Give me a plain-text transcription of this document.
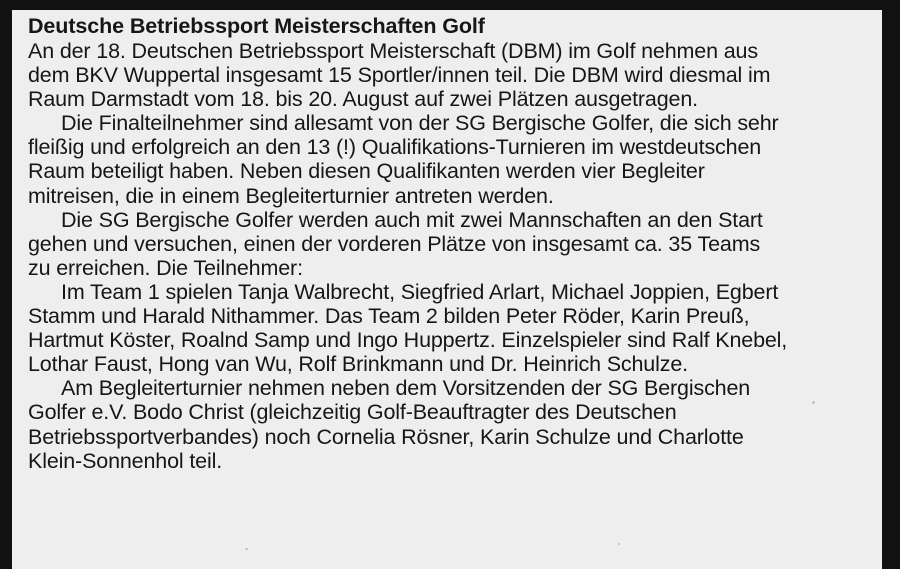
Deutsche Betriebssport Meisterschaften Golf
An der 18. Deutschen Betriebssport Meisterschaft (DBM) im Golf nehmen aus
dem BKV Wuppertal insgesamt 15 Sportler/innen teil. Die DBM wird diesmal im
Raum Darmstadt vom 18. bis 20. August auf zwei Plätzen ausgetragen.
Die Finalteilnehmer sind allesamt von der SG Bergische Golfer, die sich sehr
fleißig und erfolgreich an den 13 (!) Qualifikations-Turnieren im westdeutschen
Raum beteiligt haben. Neben diesen Qualifikanten werden vier Begleiter
mitreisen, die in einem Begleiterturnier antreten werden.
Die SG Bergische Golfer werden auch mit zwei Mannschaften an den Start
gehen und versuchen, einen der vorderen Plätze von insgesamt ca. 35 Teams
zu erreichen. Die Teilnehmer:
Im Team 1 spielen Tanja Walbrecht, Siegfried Arlart, Michael Joppien, Egbert
Stamm und Harald Nithammer. Das Team 2 bilden Peter Röder, Karin Preuß,
Hartmut Köster, Roalnd Samp und Ingo Huppertz. Einzelspieler sind Ralf Knebel,
Lothar Faust, Hong van Wu, Rolf Brinkmann und Dr. Heinrich Schulze.
Am Begleiterturnier nehmen neben dem Vorsitzenden der SG Bergischen
Golfer e.V. Bodo Christ (gleichzeitig Golf-Beauftragter des Deutschen
Betriebssportverbandes) noch Cornelia Rösner, Karin Schulze und Charlotte
Klein-Sonnenhol teil.
